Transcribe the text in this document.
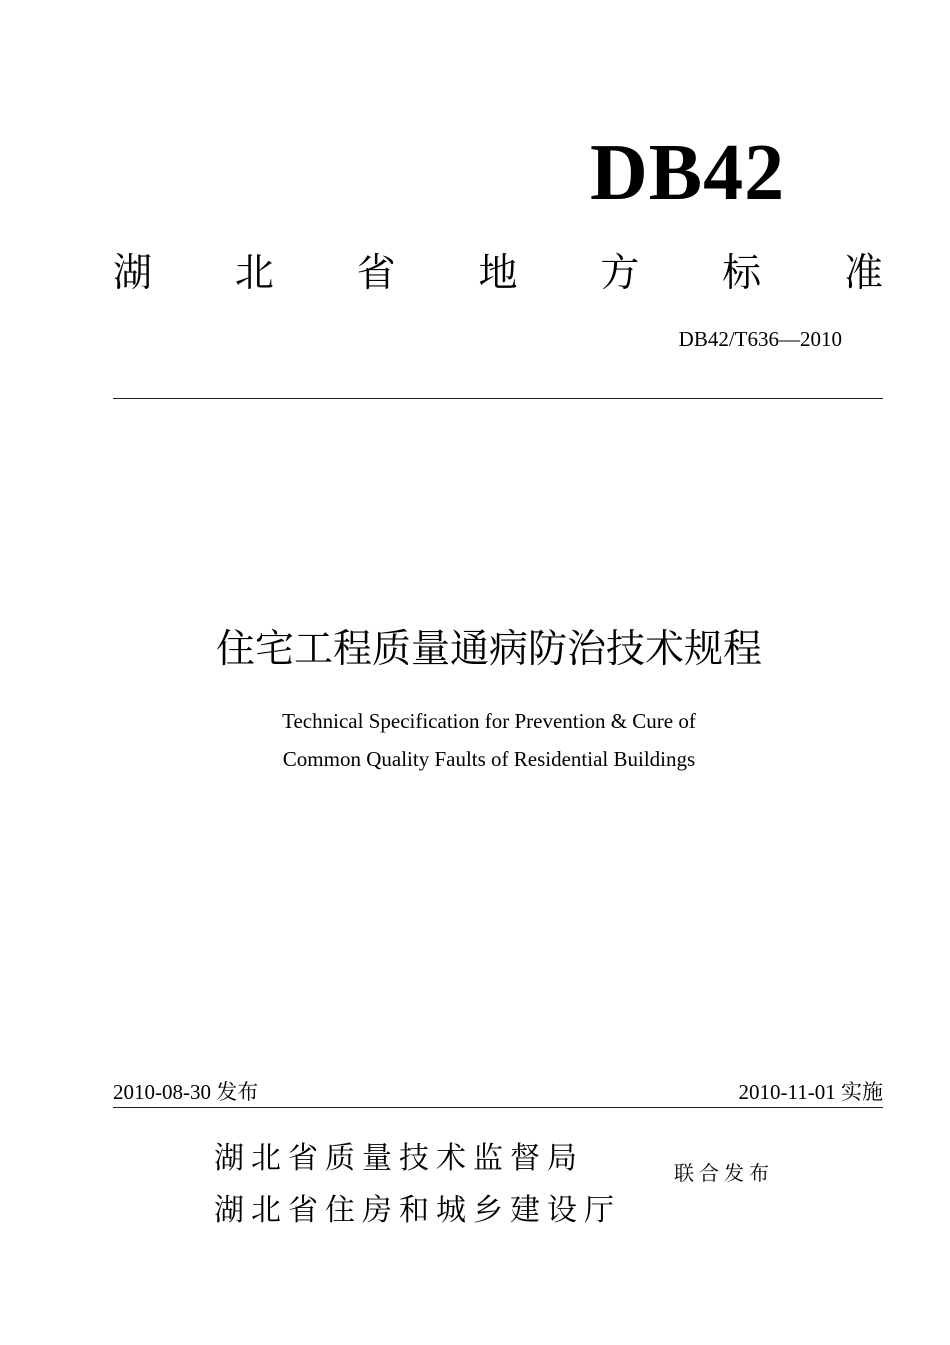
DB42
湖 北 省 地 方 标 准
DB42/T636—2010
住宅工程质量通病防治技术规程
Technical Specification for Prevention & Cure of
Common Quality Faults of Residential Buildings
2010-08-30 发布	2010-11-01 实施
湖北省质量技术监督局
湖北省住房和城乡建设厅
联合发布
